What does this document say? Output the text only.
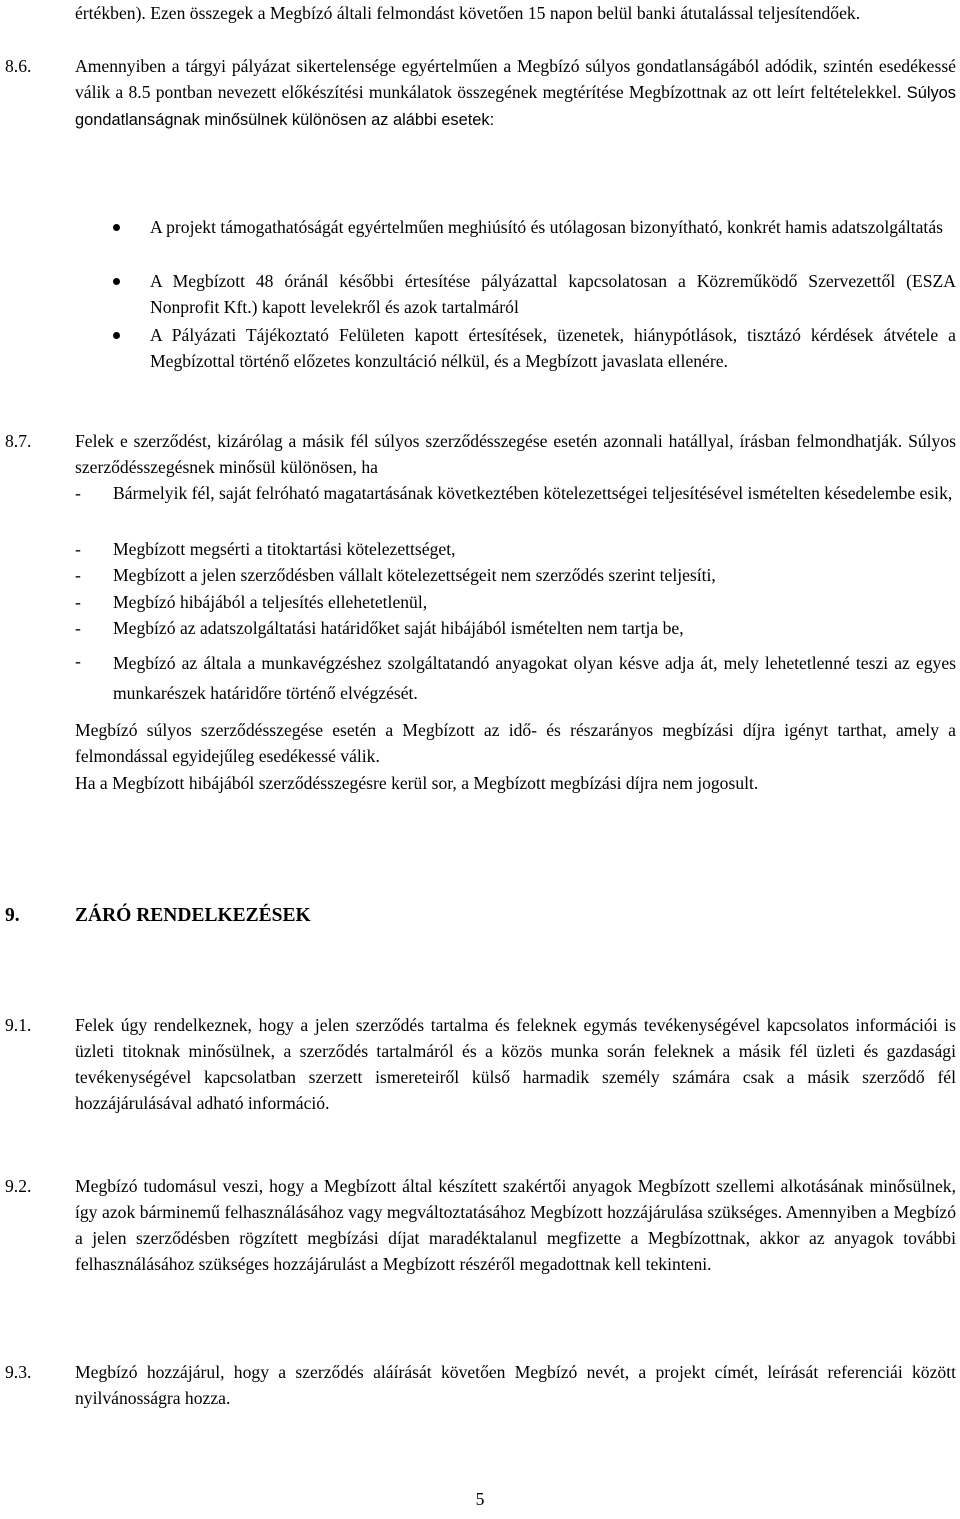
értékben). Ezen összegek a Megbízó általi felmondást követően 15 napon belül banki átutalással teljesítendőek.

8.6. Amennyiben a tárgyi pályázat sikertelensége egyértelműen a Megbízó súlyos gondatlanságából adódik, szintén esedékessé válik a 8.5 pontban nevezett előkészítési munkálatok összegének megtérítése Megbízottnak az ott leírt feltételekkel. Súlyos gondatlanságnak minősülnek különösen az alábbi esetek:

A projekt támogathatóságát egyértelműen meghiúsító és utólagosan bizonyítható, konkrét hamis adatszolgáltatás

A Megbízott 48 óránál későbbi értesítése pályázattal kapcsolatosan a Közreműködő Szervezettől (ESZA Nonprofit Kft.) kapott levelekről és azok tartalmáról

A Pályázati Tájékoztató Felületen kapott értesítések, üzenetek, hiánypótlások, tisztázó kérdések átvétele a Megbízottal történő előzetes konzultáció nélkül, és a Megbízott javaslata ellenére.

8.7. Felek e szerződést, kizárólag a másik fél súlyos szerződésszegése esetén azonnali hatállyal, írásban felmondhatják. Súlyos szerződésszegésnek minősül különösen, ha

- Bármelyik fél, saját felróható magatartásának következtében kötelezettségei teljesítésével ismételten késedelembe esik,

- Megbízott megsérti a titoktartási kötelezettséget,

- Megbízott a jelen szerződésben vállalt kötelezettségeit nem szerződés szerint teljesíti,

- Megbízó hibájából a teljesítés ellehetetlenül,

- Megbízó az adatszolgáltatási határidőket saját hibájából ismételten nem tartja be,

- Megbízó az általa a munkavégzéshez szolgáltatandó anyagokat olyan késve adja át, mely lehetetlenné teszi az egyes munkarészek határidőre történő elvégzését.

Megbízó súlyos szerződésszegése esetén a Megbízott az idő- és részarányos megbízási díjra igényt tarthat, amely a felmondással egyidejűleg esedékessé válik.

Ha a Megbízott hibájából szerződésszegésre kerül sor, a Megbízott megbízási díjra nem jogosult.

9.	ZÁRÓ RENDELKEZÉSEK

9.1. Felek úgy rendelkeznek, hogy a jelen szerződés tartalma és feleknek egymás tevékenységével kapcsolatos információi is üzleti titoknak minősülnek, a szerződés tartalmáról és a közös munka során feleknek a másik fél üzleti és gazdasági tevékenységével kapcsolatban szerzett ismereteiről külső harmadik személy számára csak a másik szerződő fél hozzájárulásával adható információ.

9.2. Megbízó tudomásul veszi, hogy a Megbízott által készített szakértői anyagok Megbízott szellemi alkotásának minősülnek, így azok bárminemű felhasználásához vagy megváltoztatásához Megbízott hozzájárulása szükséges. Amennyiben a Megbízó a jelen szerződésben rögzített megbízási díjat maradéktalanul megfizette a Megbízottnak, akkor az anyagok további felhasználásához szükséges hozzájárulást a Megbízott részéről megadottnak kell tekinteni.

9.3. Megbízó hozzájárul, hogy a szerződés aláírását követően Megbízó nevét, a projekt címét, leírását referenciái között nyilvánosságra hozza.

5
